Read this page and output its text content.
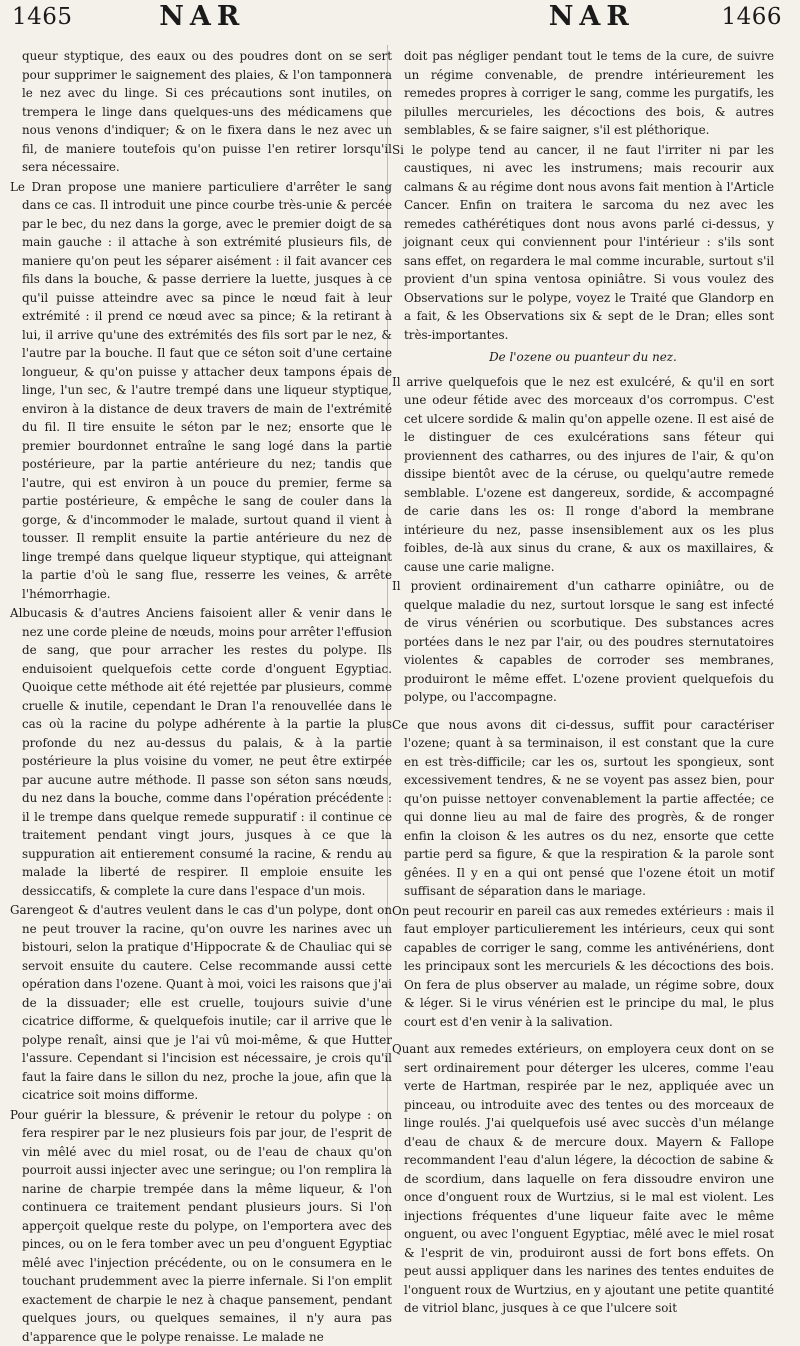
1465	NAR	NAR	1466

queur styptique, des eaux ou des poudres dont on se sert pour supprimer le saignement des plaies, & l'on tamponnera le nez avec du linge. Si ces précautions sont inutiles, on trempera le linge dans quelques-uns des médicamens que nous venons d'indiquer; & on le fixera dans le nez avec un fil, de maniere toutefois qu'on puisse l'en retirer lorsqu'il sera nécessaire.

Le Dran propose une maniere particuliere d'arrêter le sang dans ce cas. Il introduit une pince courbe très-unie & percée par le bec, du nez dans la gorge, avec le premier doigt de sa main gauche : il attache à son extrémité plusieurs fils, de maniere qu'on peut les séparer aisément : il fait avancer ces fils dans la bouche, & passe derriere la luette, jusques à ce qu'il puisse atteindre avec sa pince le nœud fait à leur extrémité : il prend ce nœud avec sa pince; & la retirant à lui, il arrive qu'une des extrémités des fils sort par le nez, & l'autre par la bouche. Il faut que ce séton soit d'une certaine longueur, & qu'on puisse y attacher deux tampons épais de linge, l'un sec, & l'autre trempé dans une liqueur styptique, environ à la distance de deux travers de main de l'extrémité du fil. Il tire ensuite le séton par le nez; ensorte que le premier bourdonnet entraîne le sang logé dans la partie postérieure, par la partie antérieure du nez; tandis que l'autre, qui est environ à un pouce du premier, ferme sa partie postérieure, & empêche le sang de couler dans la gorge, & d'incommoder le malade, surtout quand il vient à tousser. Il remplit ensuite la partie antérieure du nez de linge trempé dans quelque liqueur styptique, qui atteignant la partie d'où le sang flue, resserre les veines, & arrête l'hémorrhagie.

Albucasis & d'autres Anciens faisoient aller & venir dans le nez une corde pleine de nœuds, moins pour arrêter l'effusion de sang, que pour arracher les restes du polype. Ils enduisoient quelquefois cette corde d'onguent Egyptiac. Quoique cette méthode ait été rejettée par plusieurs, comme cruelle & inutile, cependant le Dran l'a renouvellée dans le cas où la racine du polype adhérente à la partie la plus profonde du nez au-dessus du palais, & à la partie postérieure la plus voisine du vomer, ne peut être extirpée par aucune autre méthode. Il passe son séton sans nœuds, du nez dans la bouche, comme dans l'opération précédente : il le trempe dans quelque remede suppuratif : il continue ce traitement pendant vingt jours, jusques à ce que la suppuration ait entierement consumé la racine, & rendu au malade la liberté de respirer. Il emploie ensuite les dessiccatifs, & complete la cure dans l'espace d'un mois.

Garengeot & d'autres veulent dans le cas d'un polype, dont on ne peut trouver la racine, qu'on ouvre les narines avec un bistouri, selon la pratique d'Hippocrate & de Chauliac qui se servoit ensuite du cautere. Celse recommande aussi cette opération dans l'ozene. Quant à moi, voici les raisons que j'ai de la dissuader; elle est cruelle, toujours suivie d'une cicatrice difforme, & quelquefois inutile; car il arrive que le polype renaît, ainsi que je l'ai vû moi-même, & que Hutter l'assure. Cependant si l'incision est nécessaire, je crois qu'il faut la faire dans le sillon du nez, proche la joue, afin que la cicatrice soit moins difforme.

Pour guérir la blessure, & prévenir le retour du polype : on fera respirer par le nez plusieurs fois par jour, de l'esprit de vin mêlé avec du miel rosat, ou de l'eau de chaux qu'on pourroit aussi injecter avec une seringue; ou l'on remplira la narine de charpie trempée dans la même liqueur, & l'on continuera ce traitement pendant plusieurs jours. Si l'on apperçoit quelque reste du polype, on l'emportera avec des pinces, ou on le fera tomber avec un peu d'onguent Egyptiac mêlé avec l'injection précédente, ou on le consumera en le touchant prudemment avec la pierre infernale. Si l'on emplit exactement de charpie le nez à chaque pansement, pendant quelques jours, ou quelques semaines, il n'y aura pas d'apparence que le polype renaisse. Le malade ne

doit pas négliger pendant tout le tems de la cure, de suivre un régime convenable, de prendre intérieurement les remedes propres à corriger le sang, comme les purgatifs, les pilulles mercurieles, les décoctions des bois, & autres semblables, & se faire saigner, s'il est pléthorique.

Si le polype tend au cancer, il ne faut l'irriter ni par les caustiques, ni avec les instrumens; mais recourir aux calmans & au régime dont nous avons fait mention à l'Article Cancer. Enfin on traitera le sarcoma du nez avec les remedes cathérétiques dont nous avons parlé ci-dessus, y joignant ceux qui conviennent pour l'intérieur : s'ils sont sans effet, on regardera le mal comme incurable, surtout s'il provient d'un spina ventosa opiniâtre. Si vous voulez des Observations sur le polype, voyez le Traité que Glandorp en a fait, & les Observations six & sept de le Dran; elles sont très-importantes.

De l'ozene ou puanteur du nez.

Il arrive quelquefois que le nez est exulcéré, & qu'il en sort une odeur fétide avec des morceaux d'os corrompus. C'est cet ulcere sordide & malin qu'on appelle ozene. Il est aisé de le distinguer de ces exulcérations sans féteur qui proviennent des catharres, ou des injures de l'air, & qu'on dissipe bientôt avec de la céruse, ou quelqu'autre remede semblable. L'ozene est dangereux, sordide, & accompagné de carie dans les os: Il ronge d'abord la membrane intérieure du nez, passe insensiblement aux os les plus foibles, de-là aux sinus du crane, & aux os maxillaires, & cause une carie maligne.

Il provient ordinairement d'un catharre opiniâtre, ou de quelque maladie du nez, surtout lorsque le sang est infecté de virus vénérien ou scorbutique. Des substances acres portées dans le nez par l'air, ou des poudres sternutatoires violentes & capables de corroder ses membranes, produiront le même effet. L'ozene provient quelquefois du polype, ou l'accompagne.

Ce que nous avons dit ci-dessus, suffit pour caractériser l'ozene; quant à sa terminaison, il est constant que la cure en est très-difficile; car les os, surtout les spongieux, sont excessivement tendres, & ne se voyent pas assez bien, pour qu'on puisse nettoyer convenablement la partie affectée; ce qui donne lieu au mal de faire des progrès, & de ronger enfin la cloison & les autres os du nez, ensorte que cette partie perd sa figure, & que la respiration & la parole sont gênées. Il y en a qui ont pensé que l'ozene étoit un motif suffisant de séparation dans le mariage.

On peut recourir en pareil cas aux remedes extérieurs : mais il faut employer particulierement les intérieurs, ceux qui sont capables de corriger le sang, comme les antivénériens, dont les principaux sont les mercuriels & les décoctions des bois. On fera de plus observer au malade, un régime sobre, doux & léger. Si le virus vénérien est le principe du mal, le plus court est d'en venir à la salivation.

Quant aux remedes extérieurs, on employera ceux dont on se sert ordinairement pour déterger les ulceres, comme l'eau verte de Hartman, respirée par le nez, appliquée avec un pinceau, ou introduite avec des tentes ou des morceaux de linge roulés. J'ai quelquefois usé avec succès d'un mélange d'eau de chaux & de mercure doux. Mayern & Fallope recommandent l'eau d'alun légere, la décoction de sabine & de scordium, dans laquelle on fera dissoudre environ une once d'onguent roux de Wurtzius, si le mal est violent. Les injections fréquentes d'une liqueur faite avec le même onguent, ou avec l'onguent Egyptiac, mêlé avec le miel rosat & l'esprit de vin, produiront aussi de fort bons effets. On peut aussi appliquer dans les narines des tentes enduites de l'onguent roux de Wurtzius, en y ajoutant une petite quantité de vitriol blanc, jusques à ce que l'ulcere soit
